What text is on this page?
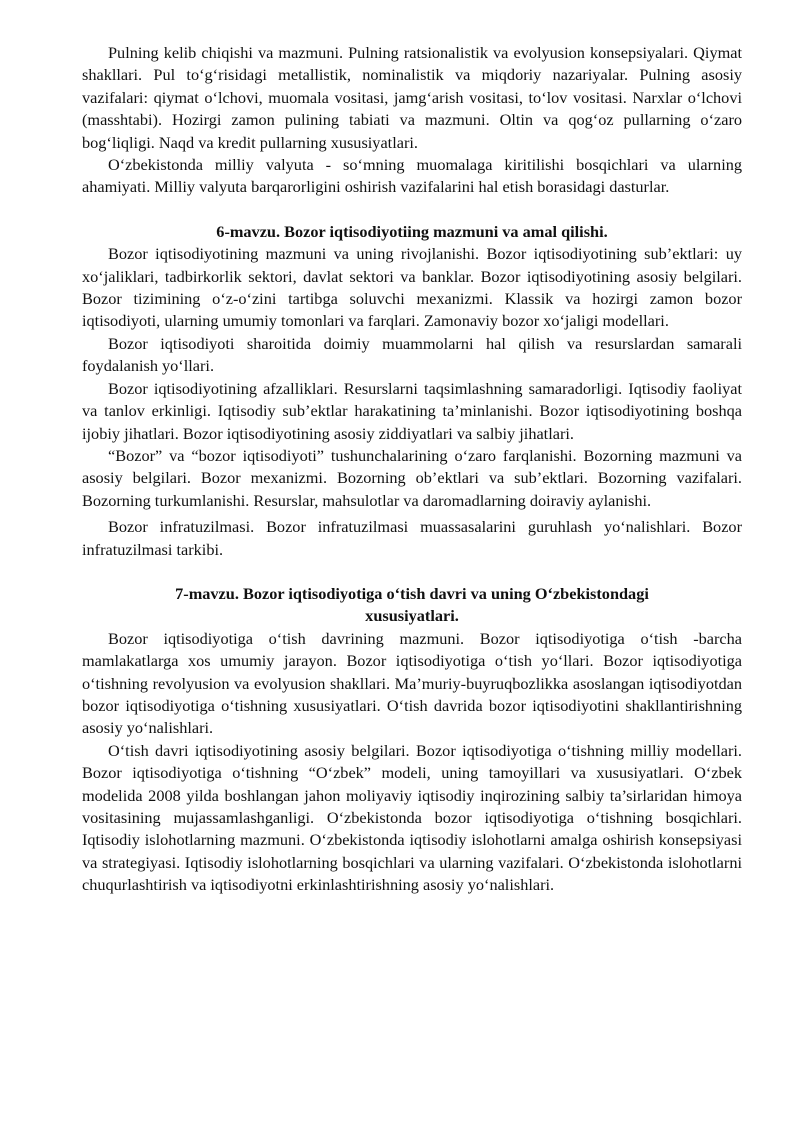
Pulning kelib chiqishi va mazmuni. Pulning ratsionalistik va evolyusion konsepsiyalari. Qiymat shakllari. Pul to‘g‘risidagi metallistik, nominalistik va miqdoriy nazariyalar. Pulning asosiy vazifalari: qiymat o‘lchovi, muomala vositasi, jamg‘arish vositasi, to‘lov vositasi. Narxlar o‘lchovi (masshtabi). Hozirgi zamon pulining tabiati va mazmuni. Oltin va qog‘oz pullarning o‘zaro bog‘liqligi. Naqd va kredit pullarning xususiyatlari.

O‘zbekistonda milliy valyuta - so‘mning muomalaga kiritilishi bosqichlari va ularning ahamiyati. Milliy valyuta barqarorligini oshirish vazifalarini hal etish borasidagi dasturlar.

6-mavzu. Bozor iqtisodiyotiing mazmuni va amal qilishi.

Bozor iqtisodiyotining mazmuni va uning rivojlanishi. Bozor iqtisodiyotining sub’ektlari: uy xo‘jaliklari, tadbirkorlik sektori, davlat sektori va banklar. Bozor iqtisodiyotining asosiy belgilari. Bozor tizimining o‘z-o‘zini tartibga soluvchi mexanizmi. Klassik va hozirgi zamon bozor iqtisodiyoti, ularning umumiy tomonlari va farqlari. Zamonaviy bozor xo‘jaligi modellari.

Bozor iqtisodiyoti sharoitida doimiy muammolarni hal qilish va resurslardan samarali foydalanish yo‘llari.

Bozor iqtisodiyotining afzalliklari. Resurslarni taqsimlashning samaradorligi. Iqtisodiy faoliyat va tanlov erkinligi. Iqtisodiy sub’ektlar harakatining ta’minlanishi. Bozor iqtisodiyotining boshqa ijobiy jihatlari. Bozor iqtisodiyotining asosiy ziddiyatlari va salbiy jihatlari.

“Bozor” va “bozor iqtisodiyoti” tushunchalarining o‘zaro farqlanishi. Bozorning mazmuni va asosiy belgilari. Bozor mexanizmi. Bozorning ob’ektlari va sub’ektlari. Bozorning vazifalari. Bozorning turkumlanishi. Resurslar, mahsulotlar va daromadlarning doiraviy aylanishi.

Bozor infratuzilmasi. Bozor infratuzilmasi muassasalarini guruhlash yo‘nalishlari. Bozor infratuzilmasi tarkibi.

7-mavzu. Bozor iqtisodiyotiga o‘tish davri va uning O‘zbekistondagi

xususiyatlari.

Bozor iqtisodiyotiga o‘tish davrining mazmuni. Bozor iqtisodiyotiga o‘tish -barcha mamlakatlarga xos umumiy jarayon. Bozor iqtisodiyotiga o‘tish yo‘llari. Bozor iqtisodiyotiga o‘tishning revolyusion va evolyusion shakllari. Ma’muriy-buyruqbozlikka asoslangan iqtisodiyotdan bozor iqtisodiyotiga o‘tishning xususiyatlari. O‘tish davrida bozor iqtisodiyotini shakllantirishning asosiy yo‘nalishlari.

O‘tish davri iqtisodiyotining asosiy belgilari. Bozor iqtisodiyotiga o‘tishning milliy modellari. Bozor iqtisodiyotiga o‘tishning “O‘zbek” modeli, uning tamoyillari va xususiyatlari. O‘zbek modelida 2008 yilda boshlangan jahon moliyaviy iqtisodiy inqirozining salbiy ta’sirlaridan himoya vositasining mujassamlashganligi. O‘zbekistonda bozor iqtisodiyotiga o‘tishning bosqichlari. Iqtisodiy islohotlarning mazmuni. O‘zbekistonda iqtisodiy islohotlarni amalga oshirish konsepsiyasi va strategiyasi. Iqtisodiy islohotlarning bosqichlari va ularning vazifalari. O‘zbekistonda islohotlarni chuqurlashtirish va iqtisodiyotni erkinlashtirishning asosiy yo‘nalishlari.
